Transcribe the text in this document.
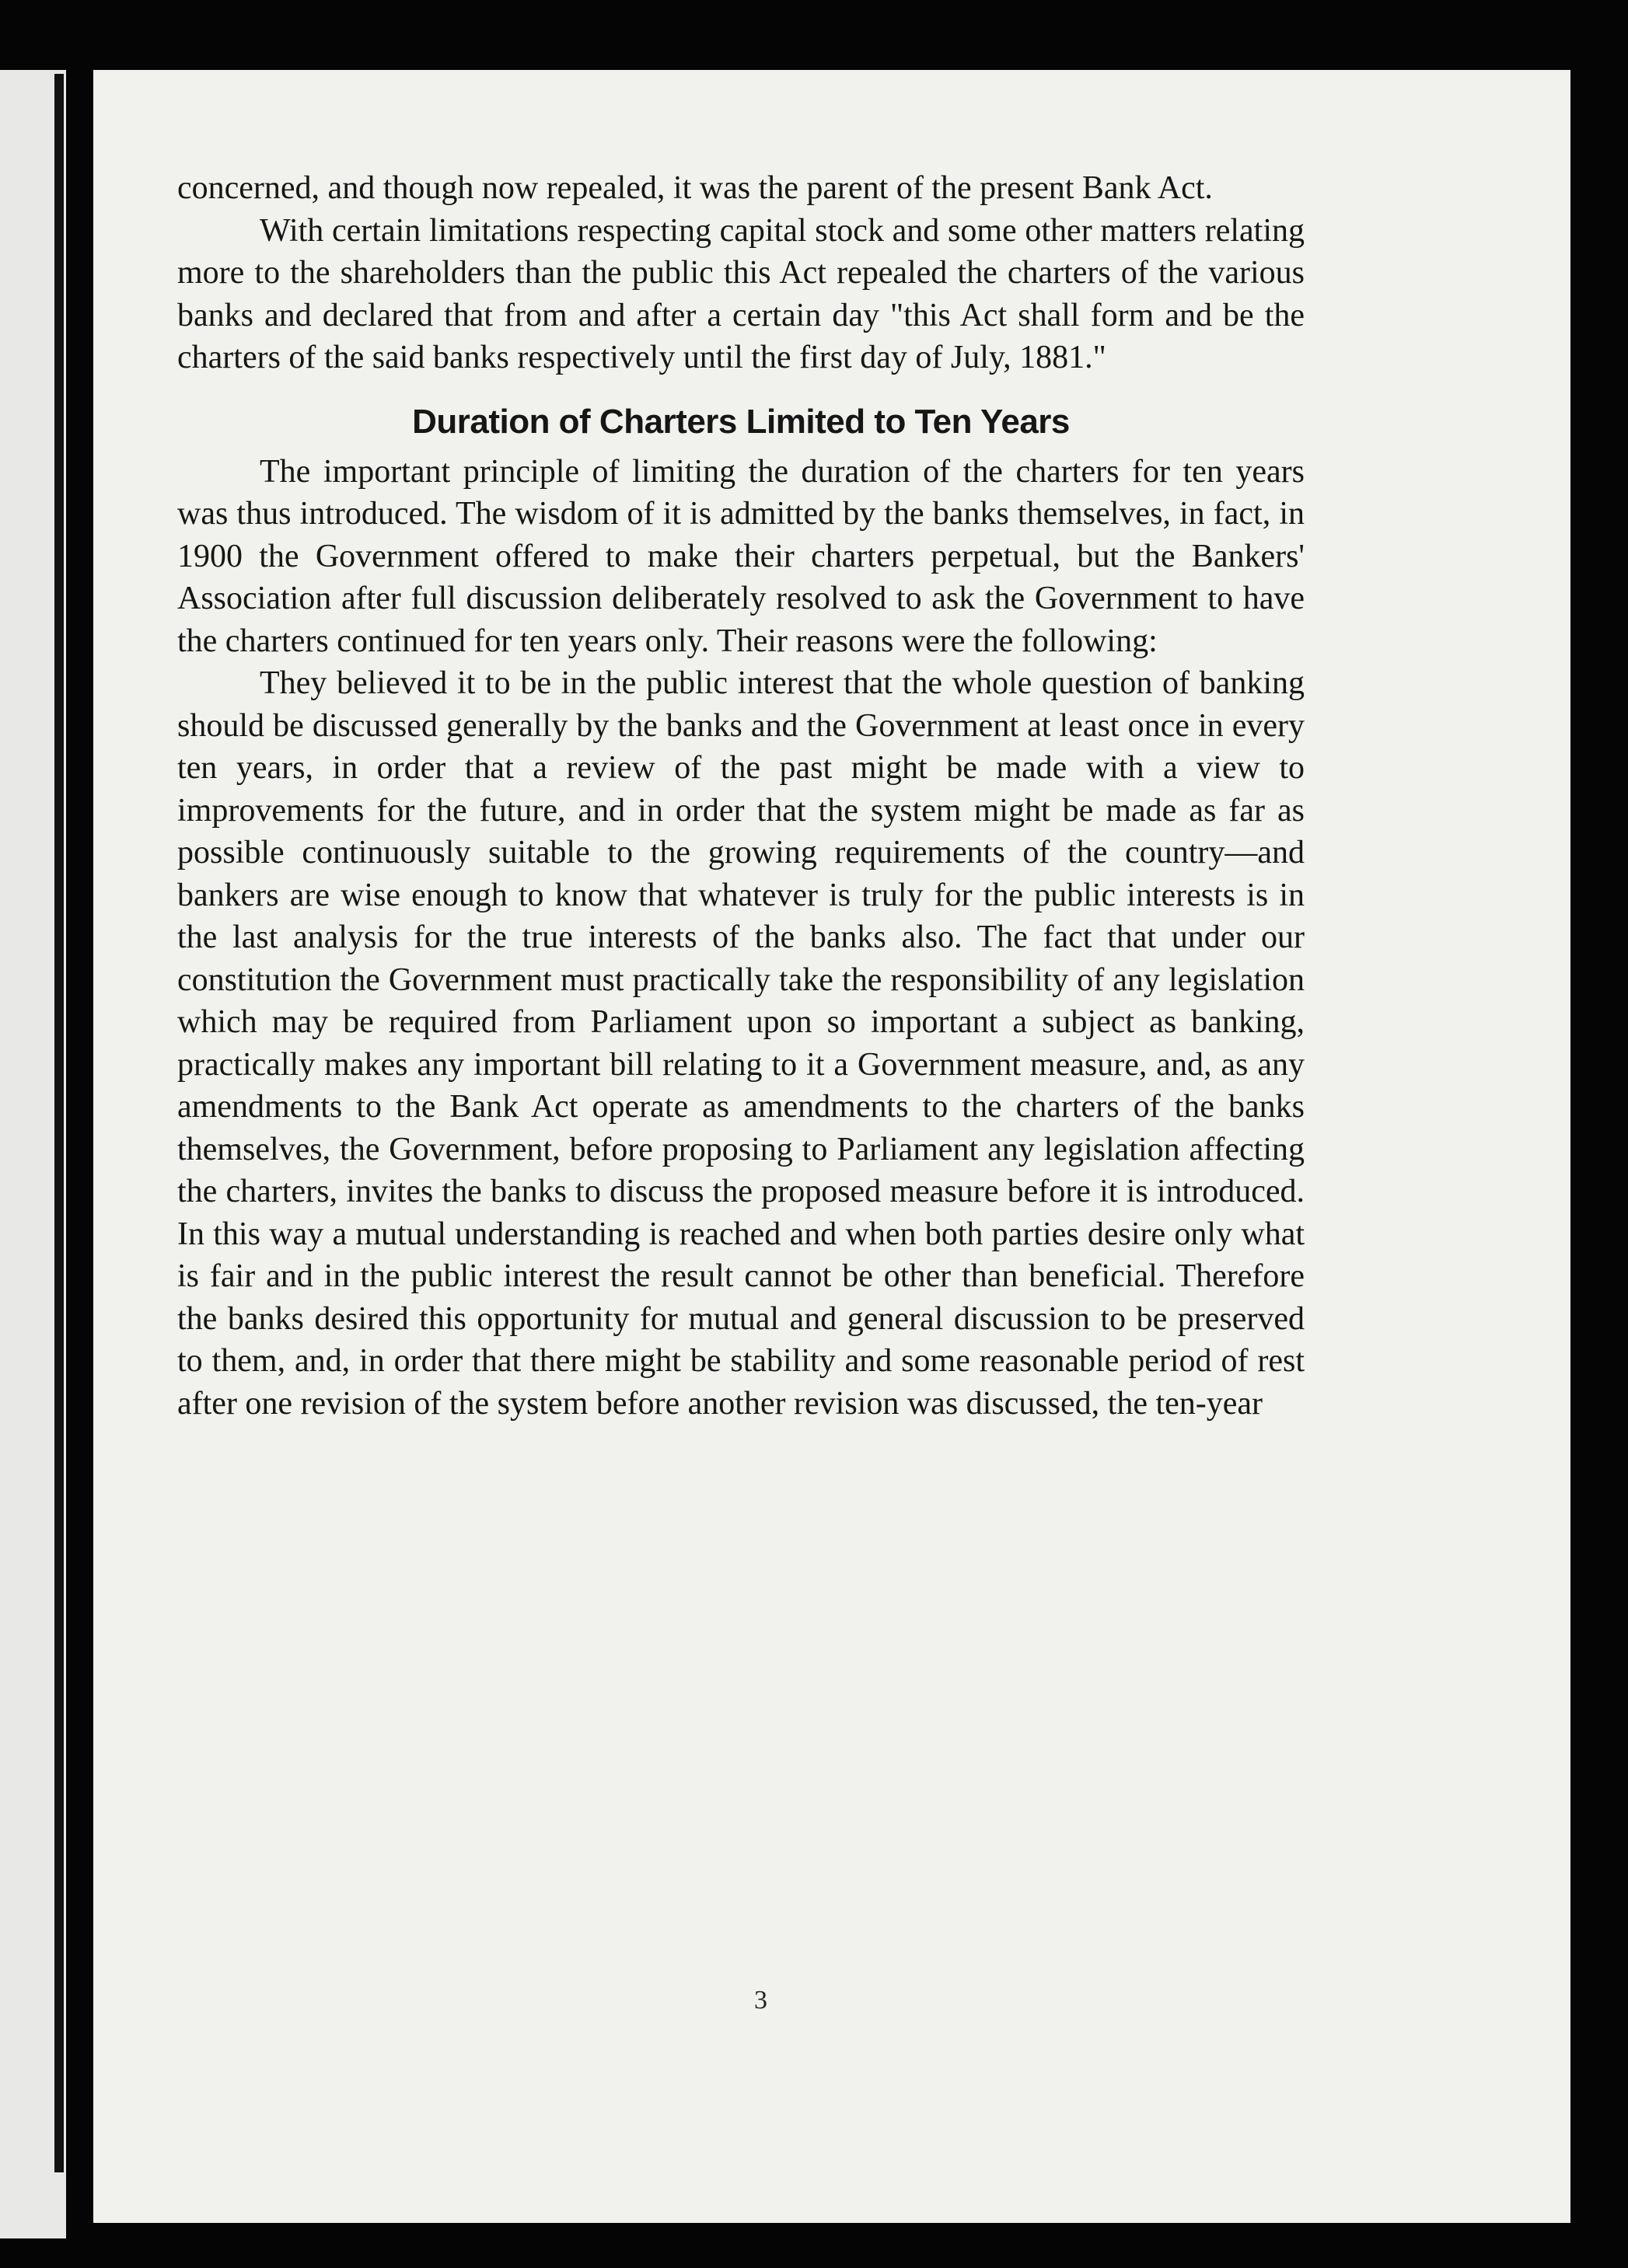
concerned, and though now repealed, it was the parent of the present Bank Act.

With certain limitations respecting capital stock and some other matters relating more to the shareholders than the public this Act repealed the charters of the various banks and declared that from and after a certain day "this Act shall form and be the charters of the said banks respectively until the first day of July, 1881."

Duration of Charters Limited to Ten Years

The important principle of limiting the duration of the charters for ten years was thus introduced. The wisdom of it is admitted by the banks themselves, in fact, in 1900 the Government offered to make their charters perpetual, but the Bankers' Association after full discussion deliberately resolved to ask the Government to have the charters continued for ten years only. Their reasons were the following:

They believed it to be in the public interest that the whole question of banking should be discussed generally by the banks and the Government at least once in every ten years, in order that a review of the past might be made with a view to improvements for the future, and in order that the system might be made as far as possible continuously suitable to the growing requirements of the country—and bankers are wise enough to know that whatever is truly for the public interests is in the last analysis for the true interests of the banks also. The fact that under our constitution the Government must practically take the responsibility of any legislation which may be required from Parliament upon so important a subject as banking, practically makes any important bill relating to it a Government measure, and, as any amendments to the Bank Act operate as amendments to the charters of the banks themselves, the Government, before proposing to Parliament any legislation affecting the charters, invites the banks to discuss the proposed measure before it is introduced. In this way a mutual understanding is reached and when both parties desire only what is fair and in the public interest the result cannot be other than beneficial. Therefore the banks desired this opportunity for mutual and general discussion to be preserved to them, and, in order that there might be stability and some reasonable period of rest after one revision of the system before another revision was discussed, the ten-year

3
